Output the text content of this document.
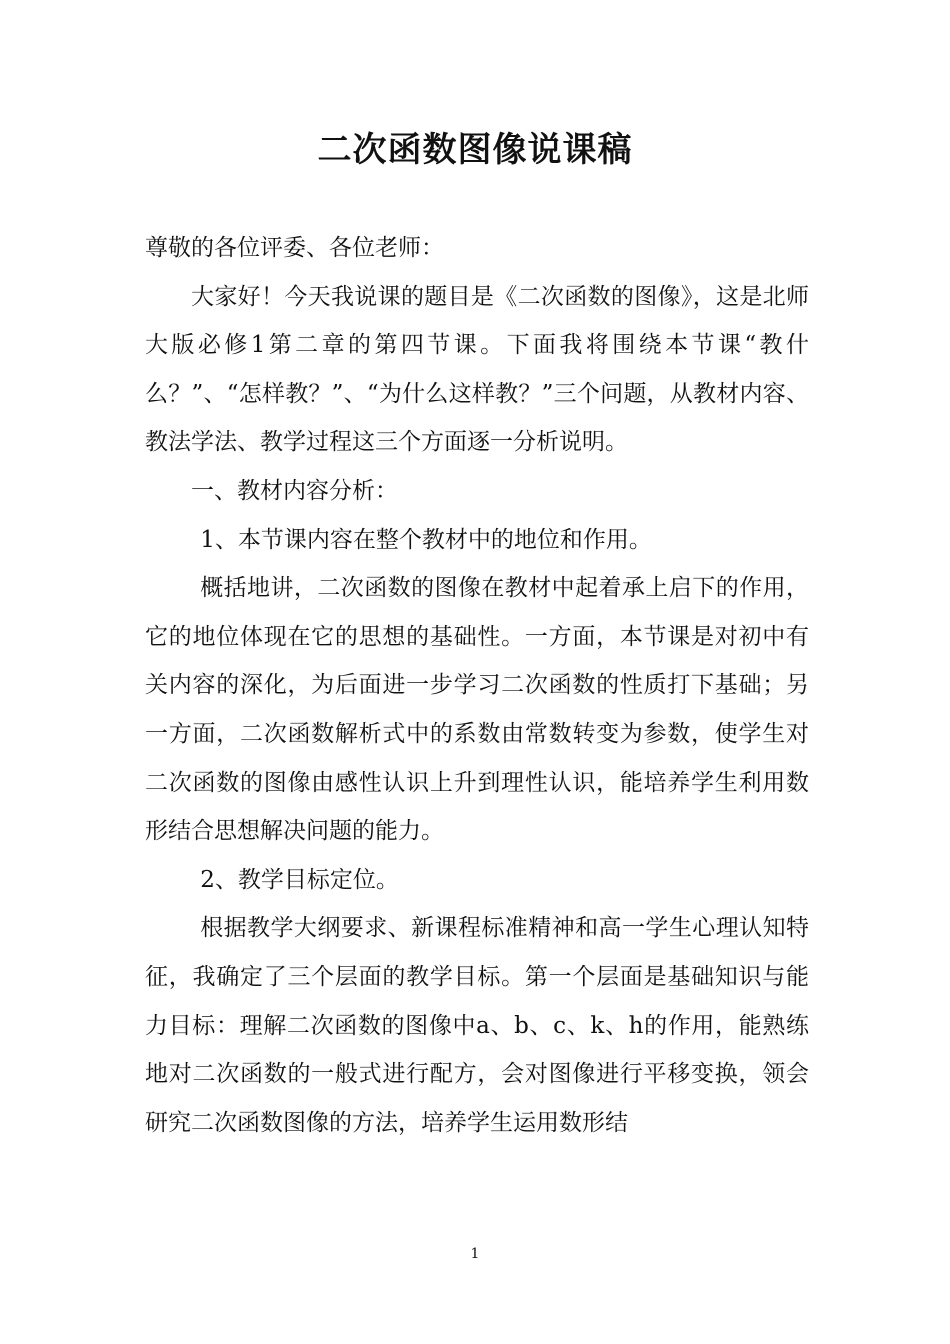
二次函数图像说课稿

尊敬的各位评委、各位老师：

大家好！今天我说课的题目是《二次函数的图像》，这是北师大版必修1第二章的第四节课。下面我将围绕本节课“教什么？”、“怎样教？”、“为什么这样教？”三个问题，从教材内容、教法学法、教学过程这三个方面逐一分析说明。

一、教材内容分析：

1、本节课内容在整个教材中的地位和作用。

概括地讲，二次函数的图像在教材中起着承上启下的作用，它的地位体现在它的思想的基础性。一方面，本节课是对初中有关内容的深化，为后面进一步学习二次函数的性质打下基础；另一方面，二次函数解析式中的系数由常数转变为参数，使学生对二次函数的图像由感性认识上升到理性认识，能培养学生利用数形结合思想解决问题的能力。

2、教学目标定位。

根据教学大纲要求、新课程标准精神和高一学生心理认知特征，我确定了三个层面的教学目标。第一个层面是基础知识与能力目标：理解二次函数的图像中a、b、c、k、h的作用，能熟练地对二次函数的一般式进行配方，会对图像进行平移变换，领会研究二次函数图像的方法，培养学生运用数形结

1
